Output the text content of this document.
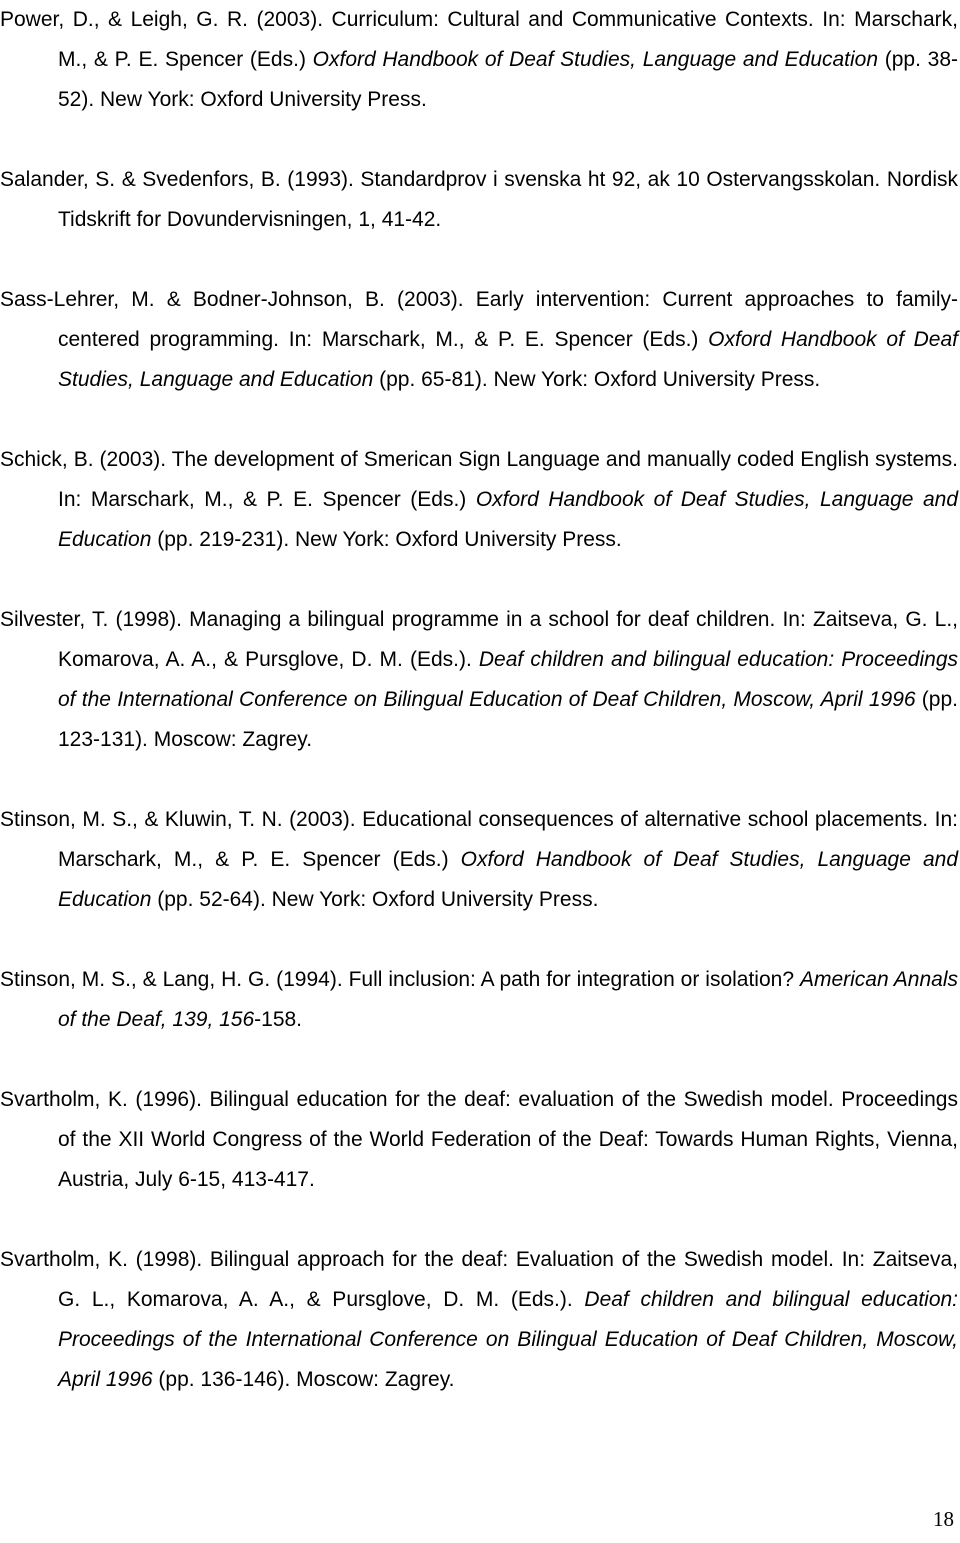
Power, D., & Leigh, G. R. (2003). Curriculum: Cultural and Communicative Contexts. In: Marschark, M., & P. E. Spencer (Eds.) Oxford Handbook of Deaf Studies, Language and Education (pp. 38-52). New York: Oxford University Press.

Salander, S. & Svedenfors, B. (1993). Standardprov i svenska ht 92, ak 10 Ostervangsskolan. Nordisk Tidskrift for Dovundervisningen, 1, 41-42.

Sass-Lehrer, M. & Bodner-Johnson, B. (2003). Early intervention: Current approaches to family-centered programming. In: Marschark, M., & P. E. Spencer (Eds.) Oxford Handbook of Deaf Studies, Language and Education (pp. 65-81). New York: Oxford University Press.

Schick, B. (2003). The development of Smerican Sign Language and manually coded English systems. In: Marschark, M., & P. E. Spencer (Eds.) Oxford Handbook of Deaf Studies, Language and Education (pp. 219-231). New York: Oxford University Press.

Silvester, T. (1998). Managing a bilingual programme in a school for deaf children. In: Zaitseva, G. L., Komarova, A. A., & Pursglove, D. M. (Eds.). Deaf children and bilingual education: Proceedings of the International Conference on Bilingual Education of Deaf Children, Moscow, April 1996 (pp. 123-131). Moscow: Zagrey.

Stinson, M. S., & Kluwin, T. N. (2003). Educational consequences of alternative school placements. In: Marschark, M., & P. E. Spencer (Eds.) Oxford Handbook of Deaf Studies, Language and Education (pp. 52-64). New York: Oxford University Press.

Stinson, M. S., & Lang, H. G. (1994). Full inclusion: A path for integration or isolation? American Annals of the Deaf, 139, 156-158.

Svartholm, K. (1996). Bilingual education for the deaf: evaluation of the Swedish model. Proceedings of the XII World Congress of the World Federation of the Deaf: Towards Human Rights, Vienna, Austria, July 6-15, 413-417.

Svartholm, K. (1998). Bilingual approach for the deaf: Evaluation of the Swedish model. In: Zaitseva, G. L., Komarova, A. A., & Pursglove, D. M. (Eds.). Deaf children and bilingual education: Proceedings of the International Conference on Bilingual Education of Deaf Children, Moscow, April 1996 (pp. 136-146). Moscow: Zagrey.

18
